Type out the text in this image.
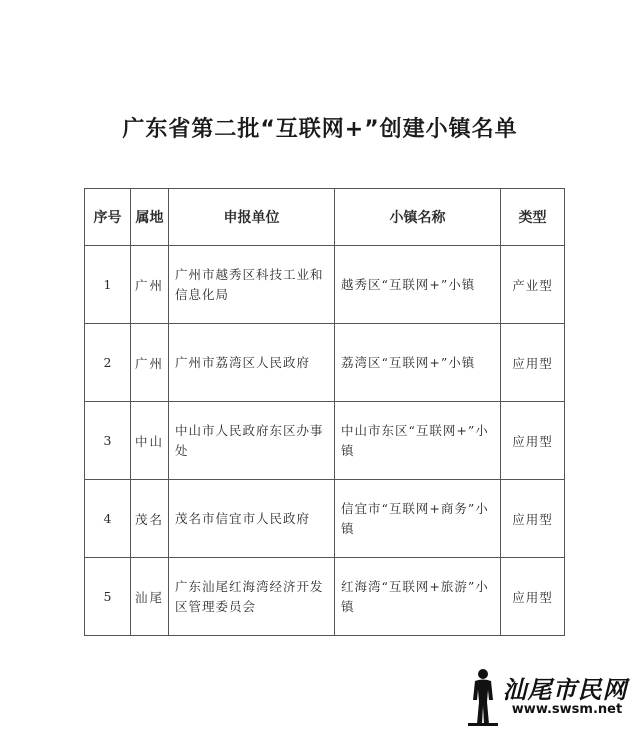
广东省第二批“互联网+”创建小镇名单
序号	属地	申报单位	小镇名称	类型
1	广州	广州市越秀区科技工业和信息化局	越秀区“互联网+”小镇	产业型
2	广州	广州市荔湾区人民政府	荔湾区“互联网+”小镇	应用型
3	中山	中山市人民政府东区办事处	中山市东区“互联网+”小镇	应用型
4	茂名	茂名市信宜市人民政府	信宜市“互联网+商务”小镇	应用型
5	汕尾	广东汕尾红海湾经济开发区管理委员会	红海湾“互联网+旅游”小镇	应用型
汕尾市民网
www.swsm.net
